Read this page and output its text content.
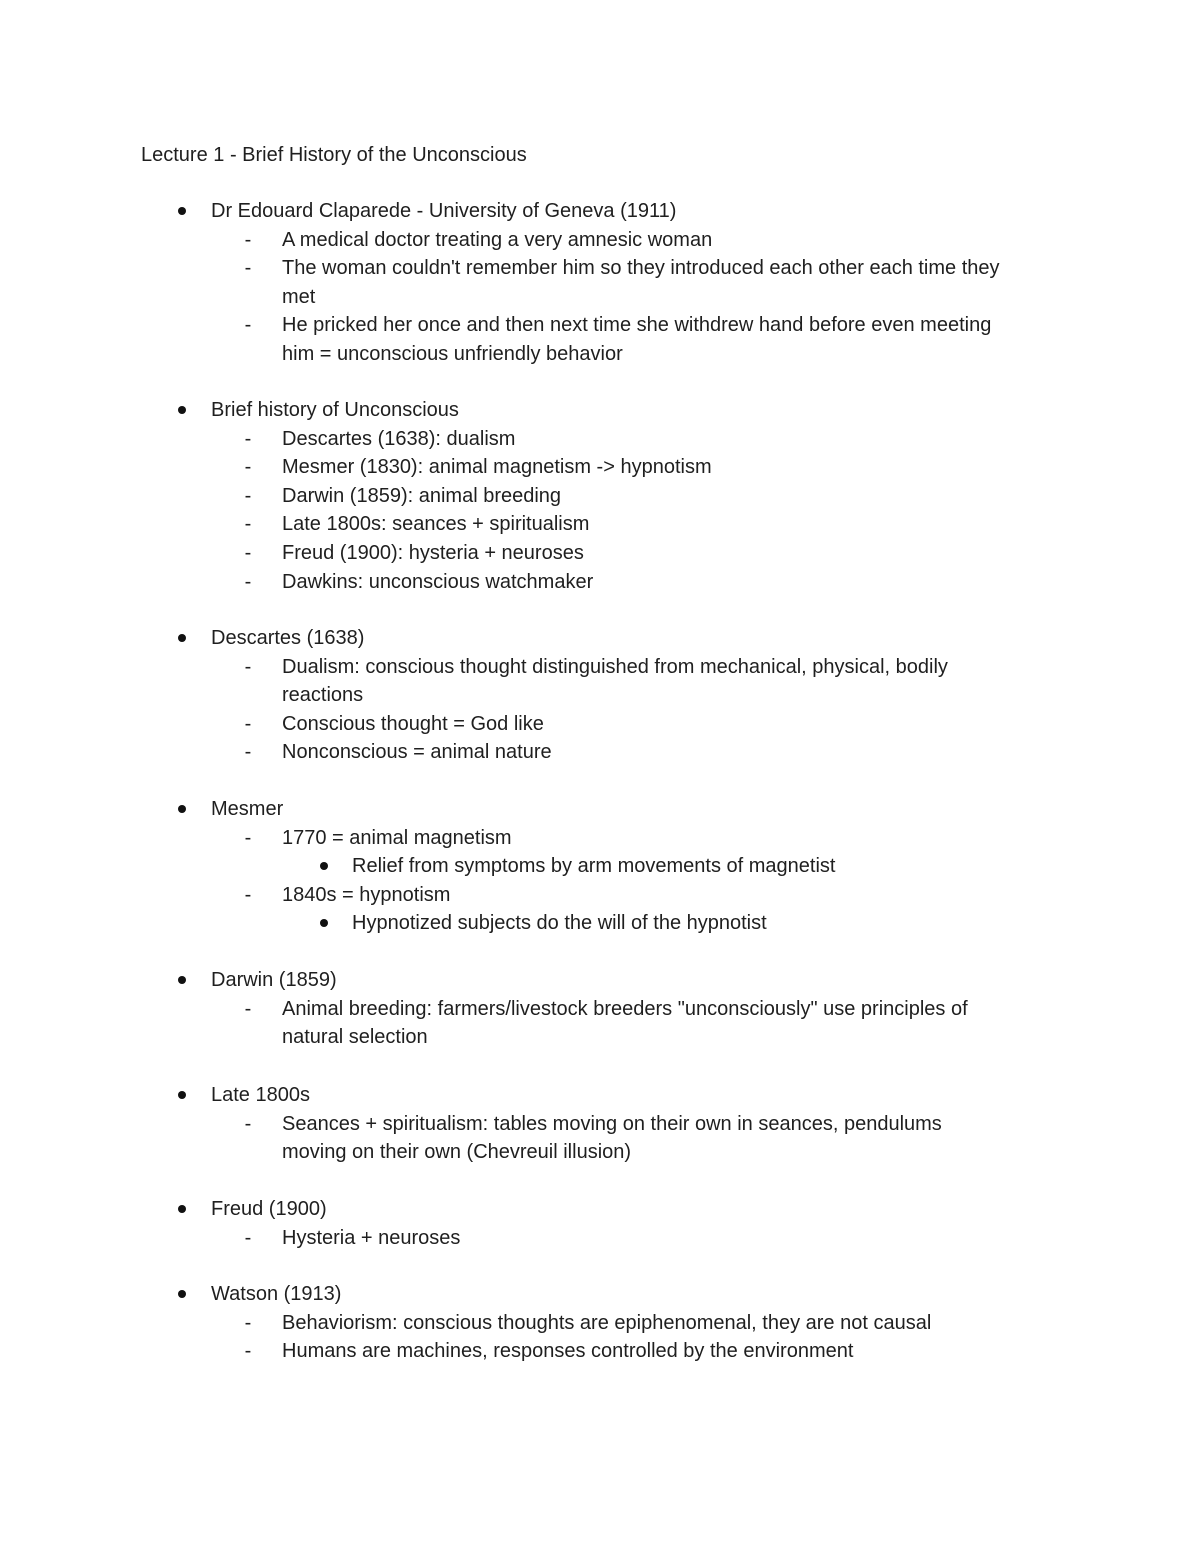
Lecture 1 - Brief History of the Unconscious
Dr Edouard Claparede - University of Geneva (1911)
- A medical doctor treating a very amnesic woman
- The woman couldn't remember him so they introduced each other each time they
met
- He pricked her once and then next time she withdrew hand before even meeting
him = unconscious unfriendly behavior
Brief history of Unconscious
- Descartes (1638): dualism
- Mesmer (1830): animal magnetism -> hypnotism
- Darwin (1859): animal breeding
- Late 1800s: seances + spiritualism
- Freud (1900): hysteria + neuroses
- Dawkins: unconscious watchmaker
Descartes (1638)
- Dualism: conscious thought distinguished from mechanical, physical, bodily
reactions
- Conscious thought = God like
- Nonconscious = animal nature
Mesmer
- 1770 = animal magnetism
Relief from symptoms by arm movements of magnetist
- 1840s = hypnotism
Hypnotized subjects do the will of the hypnotist
Darwin (1859)
- Animal breeding: farmers/livestock breeders "unconsciously" use principles of
natural selection
Late 1800s
- Seances + spiritualism: tables moving on their own in seances, pendulums
moving on their own (Chevreuil illusion)
Freud (1900)
- Hysteria + neuroses
Watson (1913)
- Behaviorism: conscious thoughts are epiphenomenal, they are not causal
- Humans are machines, responses controlled by the environment
